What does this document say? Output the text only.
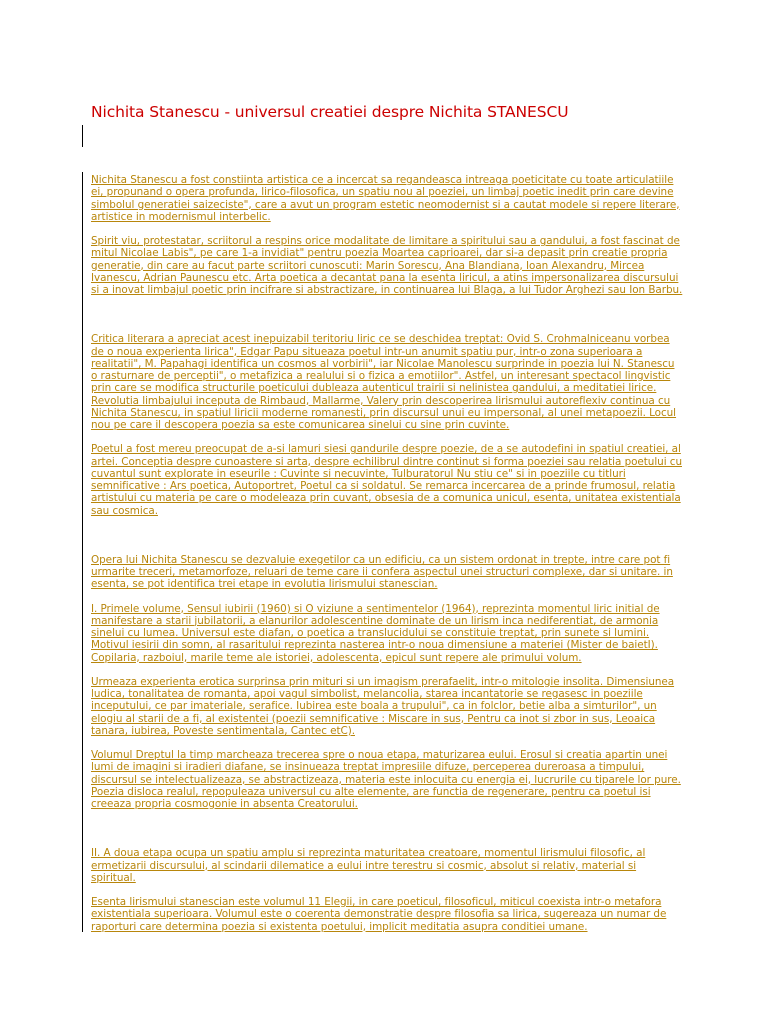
Nichita Stanescu - universul creatiei despre Nichita STANESCU

Nichita Stanescu a fost constiinta artistica ce a incercat sa regandeasca intreaga poeticitate cu toate articulatiile ei, propunand o opera profunda, lirico-filosofica, un spatiu nou al poeziei, un limbaj poetic inedit prin care devine simbolul generatiei saizeciste", care a avut un program estetic neomodernist si a cautat modele si repere literare, artistice in modernismul interbelic.

Spirit viu, protestatar, scriitorul a respins orice modalitate de limitare a spiritului sau a gandului, a fost fascinat de mitul Nicolae Labis", pe care 1-a invidiat" pentru poezia Moartea caprioarei, dar si-a depasit prin creatie propria generatie, din care au facut parte scriitori cunoscuti: Marin Sorescu, Ana Blandiana, Ioan Alexandru, Mircea Ivanescu, Adrian Paunescu etc. Arta poetica a decantat pana la esenta liricul, a atins impersonalizarea discursului si a inovat limbajul poetic prin incifrare si abstractizare, in continuarea lui Blaga, a lui Tudor Arghezi sau Ion Barbu.

Critica literara a apreciat acest inepuizabil teritoriu liric ce se deschidea treptat: Ovid S. Crohmalniceanu vorbea de o noua experienta lirica", Edgar Papu situeaza poetul intr-un anumit spatiu pur, intr-o zona superioara a realitatii", M. Papahagi identifica un cosmos al vorbirii", iar Nicolae Manolescu surprinde in poezia lui N. Stanescu o rasturnare de perceptii", o metafizica a realului si o fizica a emotiilor". Astfel, un interesant spectacol lingvistic prin care se modifica structurile poeticului dubleaza autenticul trairii si nelinistea gandului, a meditatiei lirice. Revolutia limbajului inceputa de Rimbaud, Mallarme, Valery prin descoperirea lirismului autoreflexiv continua cu Nichita Stanescu, in spatiul liricii moderne romanesti, prin discursul unui eu impersonal, al unei metapoezii. Locul nou pe care il descopera poezia sa este comunicarea sinelui cu sine prin cuvinte.

Poetul a fost mereu preocupat de a-si lamuri siesi gandurile despre poezie, de a se autodefini in spatiul creatiei, al artei. Conceptia despre cunoastere si arta, despre echilibrul dintre continut si forma poeziei sau relatia poetului cu cuvantul sunt explorate in eseurile : Cuvinte si necuvinte, Tulburatorul Nu stiu ce" si in poeziile cu titluri semnificative : Ars poetica, Autoportret, Poetul ca si soldatul. Se remarca incercarea de a prinde frumosul, relatia artistului cu materia pe care o modeleaza prin cuvant, obsesia de a comunica unicul, esenta, unitatea existentiala sau cosmica.

Opera lui Nichita Stanescu se dezvaluie exegetilor ca un edificiu, ca un sistem ordonat in trepte, intre care pot fi urmarite treceri, metamorfoze, reluari de teme care ii confera aspectul unei structuri complexe, dar si unitare. in esenta, se pot identifica trei etape in evolutia lirismului stanescian.

I. Primele volume, Sensul iubirii (1960) si O viziune a sentimentelor (1964), reprezinta momentul liric initial de manifestare a starii jubilatorii, a elanurilor adolescentine dominate de un lirism inca nediferentiat, de armonia sinelui cu lumea. Universul este diafan, o poetica a translucidului se constituie treptat, prin sunete si lumini. Motivul iesirii din somn, al rasaritului reprezinta nasterea intr-o noua dimensiune a materiei (Mister de baietI). Copilaria, razboiul, marile teme ale istoriei, adolescenta, epicul sunt repere ale primului volum.

Urmeaza experienta erotica surprinsa prin mituri si un imagism prerafaelit, intr-o mitologie insolita. Dimensiunea ludica, tonalitatea de romanta, apoi vagul simbolist, melancolia, starea incantatorie se regasesc in poeziile inceputului, ce par imateriale, serafice. Iubirea este boala a trupului", ca in folclor, betie alba a simturilor", un elogiu al starii de a fi, al existentei (poezii semnificative : Miscare in sus, Pentru ca inot si zbor in sus, Leoaica tanara, iubirea, Poveste sentimentala, Cantec etC).

Volumul Dreptul la timp marcheaza trecerea spre o noua etapa, maturizarea eului. Erosul si creatia apartin unei lumi de imagini si iradieri diafane, se insinueaza treptat impresiile difuze, perceperea dureroasa a timpului, discursul se intelectualizeaza, se abstractizeaza, materia este inlocuita cu energia ei, lucrurile cu tiparele lor pure. Poezia disloca realul, repopuleaza universul cu alte elemente, are functia de regenerare, pentru ca poetul isi creeaza propria cosmogonie in absenta Creatorului.

II. A doua etapa ocupa un spatiu amplu si reprezinta maturitatea creatoare, momentul lirismului filosofic, al ermetizarii discursului, al scindarii dilematice a eului intre terestru si cosmic, absolut si relativ, material si spiritual.

Esenta lirismului stanescian este volumul 11 Elegii, in care poeticul, filosoficul, miticul coexista intr-o metafora existentiala superioara. Volumul este o coerenta demonstratie despre filosofia sa lirica, sugereaza un numar de raporturi care determina poezia si existenta poetului, implicit meditatia asupra conditiei umane.
